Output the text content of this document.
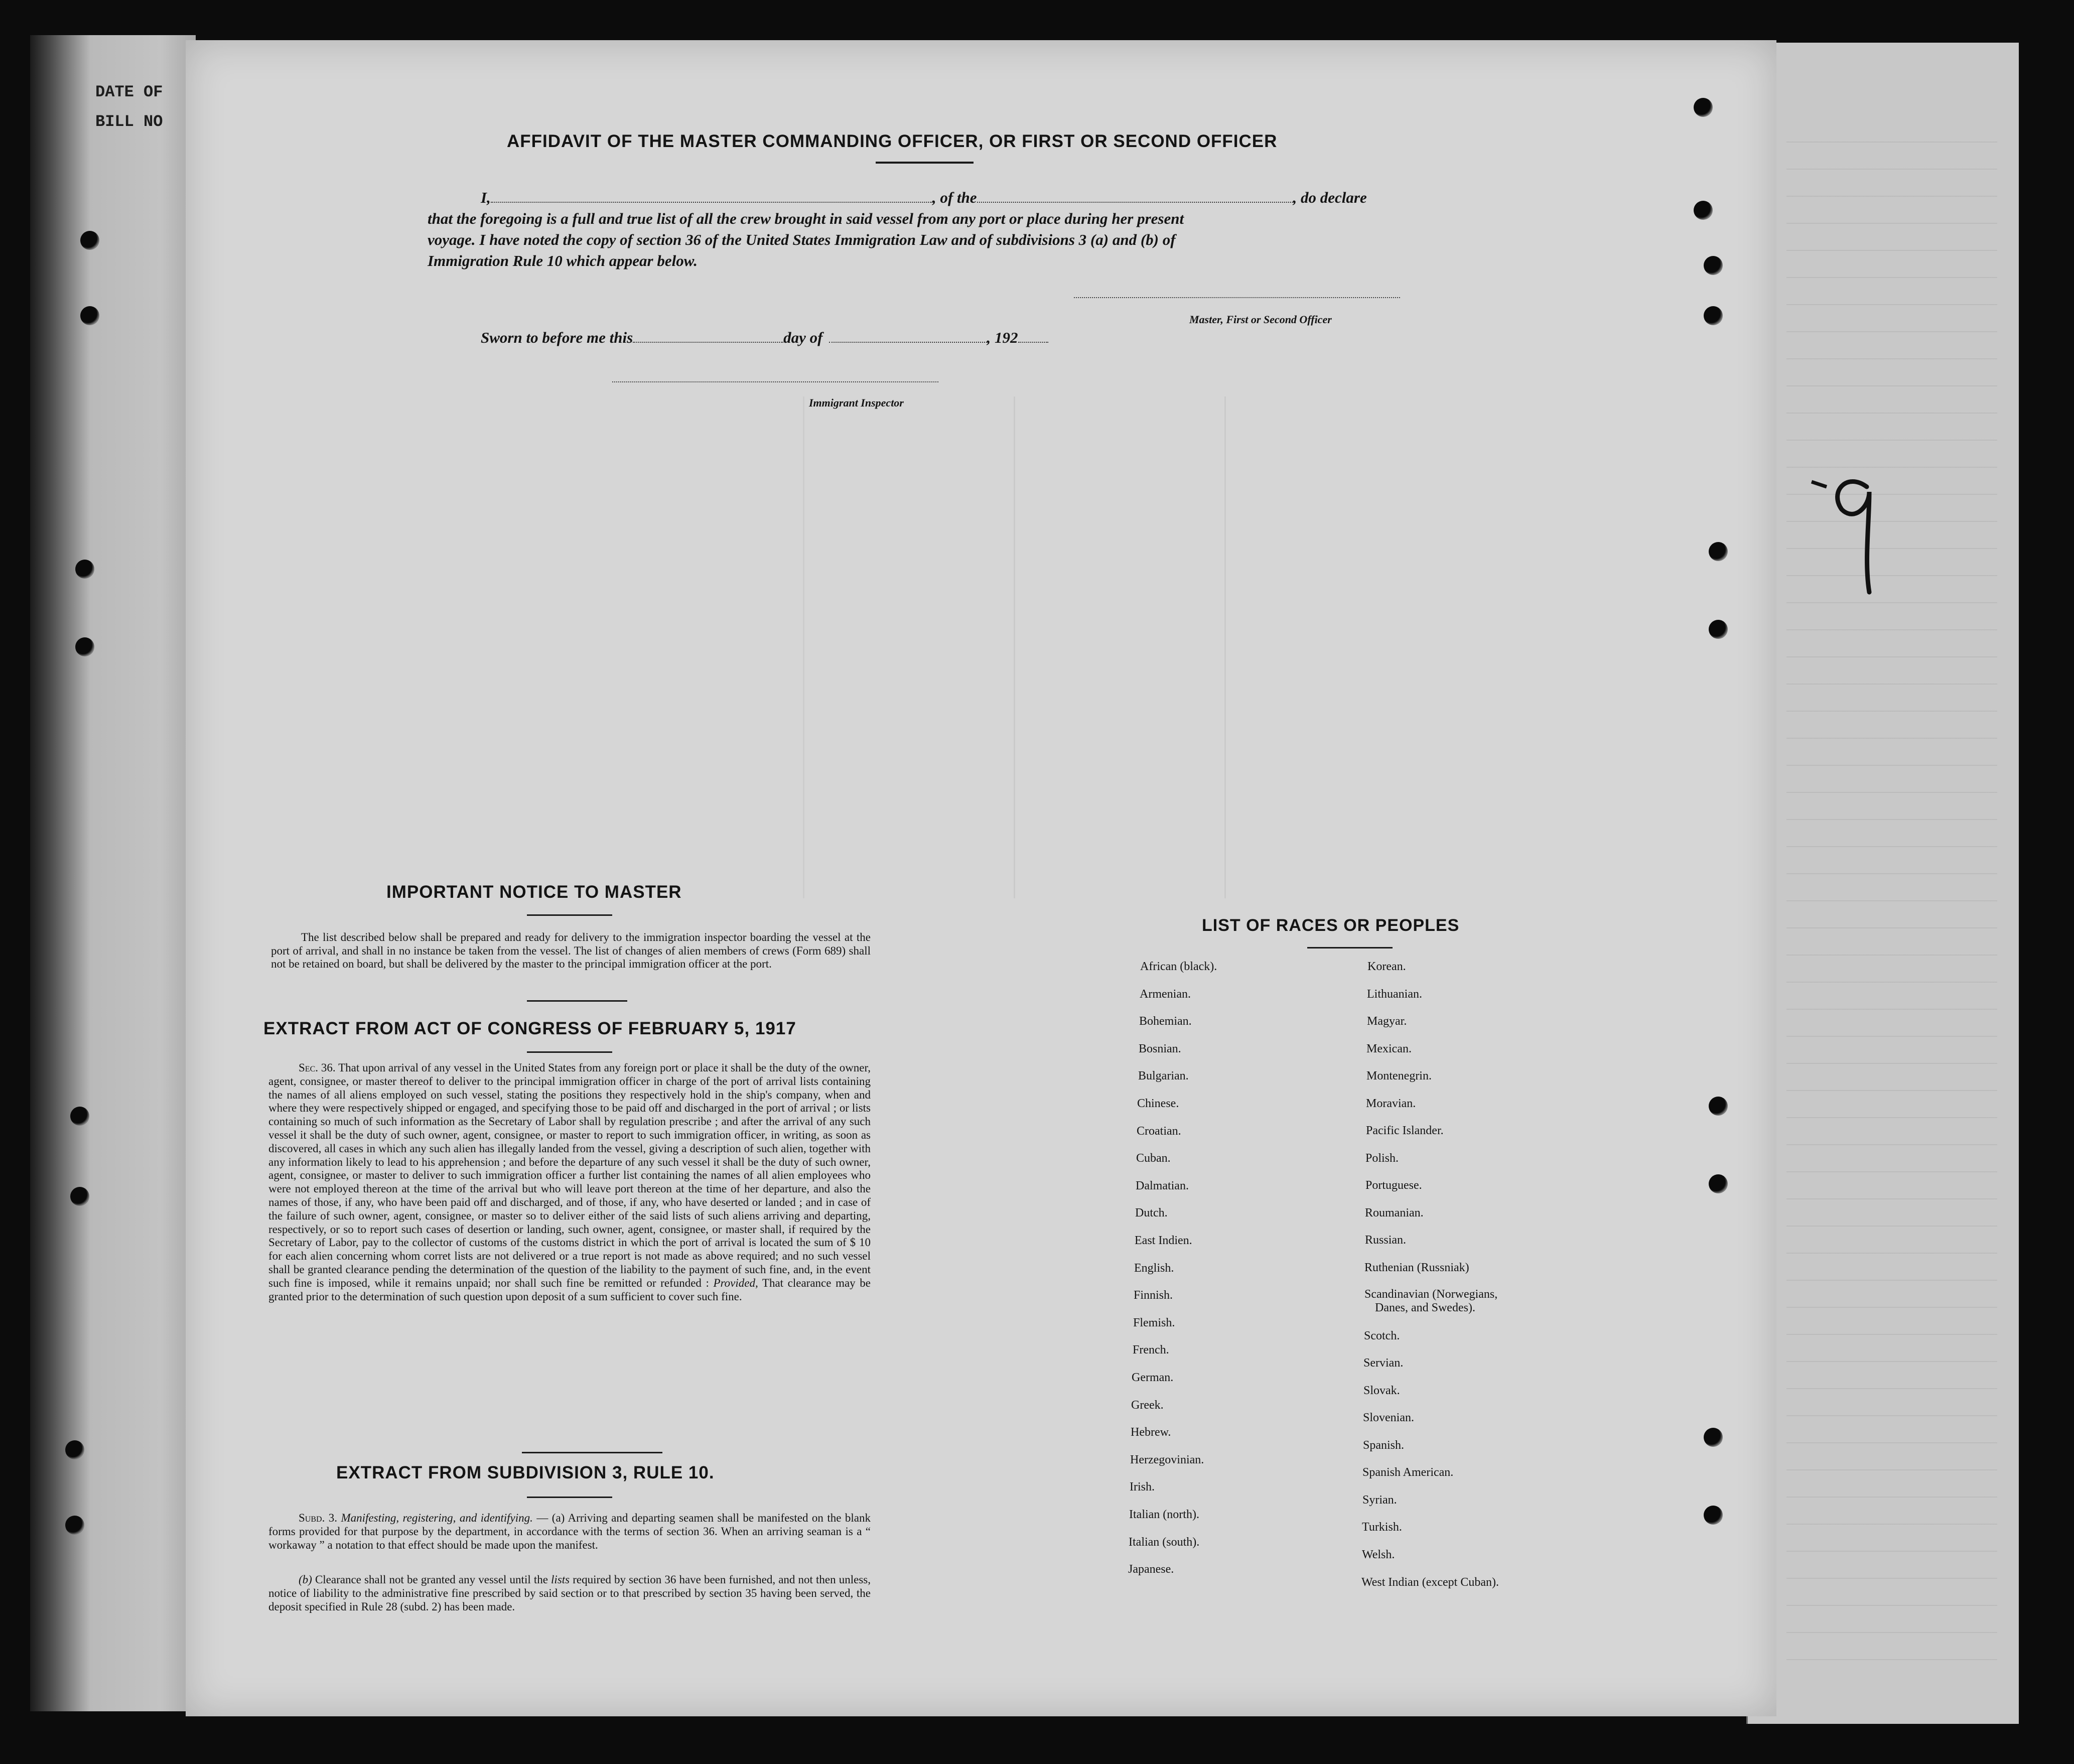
DATE OF
BILL NO
AFFIDAVIT OF THE MASTER COMMANDING OFFICER, OR FIRST OR SECOND OFFICER
I,	, of the	, do declare
that the foregoing is a full and true list of all the crew brought in said vessel from any port or place during her present
voyage. I have noted the copy of section 36 of the United States Immigration Law and of subdivisions 3 (a) and (b) of
Immigration Rule 10 which appear below.
Master, First or Second Officer
Sworn to before me this	day of	, 192
Immigrant Inspector
IMPORTANT NOTICE TO MASTER
The list described below shall be prepared and ready for delivery to the immigration inspector boarding the vessel at the port of arrival, and shall in no instance be taken from the vessel. The list of changes of alien members of crews (Form 689) shall not be retained on board, but shall be delivered by the master to the principal immigration officer at the port.
EXTRACT FROM ACT OF CONGRESS OF FEBRUARY 5, 1917
Sec. 36. That upon arrival of any vessel in the United States from any foreign port or place it shall be the duty of the owner, agent, consignee, or master thereof to deliver to the principal immigration officer in charge of the port of arrival lists containing the names of all aliens employed on such vessel, stating the positions they respectively hold in the ship's company, when and where they were respectively shipped or engaged, and specifying those to be paid off and discharged in the port of arrival ; or lists containing so much of such information as the Secretary of Labor shall by regulation prescribe ; and after the arrival of any such vessel it shall be the duty of such owner, agent, consignee, or master to report to such immigration officer, in writing, as soon as discovered, all cases in which any such alien has illegally landed from the vessel, giving a description of such alien, together with any information likely to lead to his apprehension ; and before the departure of any such vessel it shall be the duty of such owner, agent, consignee, or master to deliver to such immigration officer a further list containing the names of all alien employees who were not employed thereon at the time of the arrival but who will leave port thereon at the time of her departure, and also the names of those, if any, who have been paid off and discharged, and of those, if any, who have deserted or landed ; and in case of the failure of such owner, agent, consignee, or master so to deliver either of the said lists of such aliens arriving and departing, respectively, or so to report such cases of desertion or landing, such owner, agent, consignee, or master shall, if required by the Secretary of Labor, pay to the collector of customs of the customs district in which the port of arrival is located the sum of $ 10 for each alien concerning whom corret lists are not delivered or a true report is not made as above required; and no such vessel shall be granted clearance pending the determination of the question of the liability to the payment of such fine, and, in the event such fine is imposed, while it remains unpaid; nor shall such fine be remitted or refunded : Provided, That clearance may be granted prior to the determination of such question upon deposit of a sum sufficient to cover such fine.
EXTRACT FROM SUBDIVISION 3, RULE 10.
Subd. 3. Manifesting, registering, and identifying. — (a) Arriving and departing seamen shall be manifested on the blank forms provided for that purpose by the department, in accordance with the terms of section 36. When an arriving seaman is a “ workaway ” a notation to that effect should be made upon the manifest.
(b) Clearance shall not be granted any vessel until the lists required by section 36 have been furnished, and not then unless, notice of liability to the administrative fine prescribed by said section or to that prescribed by section 35 having been served, the deposit specified in Rule 28 (subd. 2) has been made.
LIST OF RACES OR PEOPLES
African (black).
Armenian.
Bohemian.
Bosnian.
Bulgarian.
Chinese.
Croatian.
Cuban.
Dalmatian.
Dutch.
East Indien.
English.
Finnish.
Flemish.
French.
German.
Greek.
Hebrew.
Herzegovinian.
Irish.
Italian (north).
Italian (south).
Japanese.
Korean.
Lithuanian.
Magyar.
Mexican.
Montenegrin.
Moravian.
Pacific Islander.
Polish.
Portuguese.
Roumanian.
Russian.
Ruthenian (Russniak)
Scandinavian (Norwegians,
Danes, and Swedes).
Scotch.
Servian.
Slovak.
Slovenian.
Spanish.
Spanish American.
Syrian.
Turkish.
Welsh.
West Indian (except Cuban).
